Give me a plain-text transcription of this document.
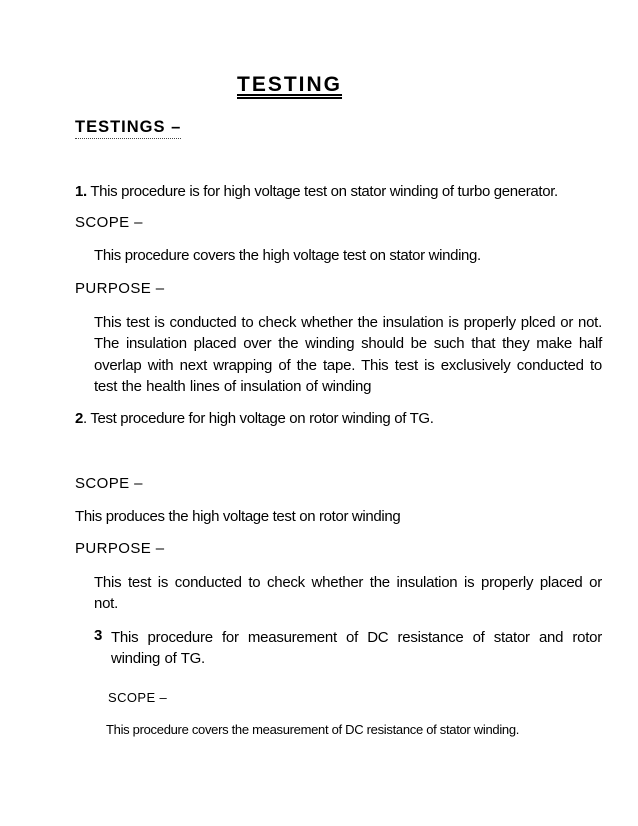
TESTING
TESTINGS –
1. This procedure is for high voltage test on stator winding of turbo generator.
SCOPE –
This procedure covers the high voltage test on stator winding.
PURPOSE –
This test is conducted to check whether the insulation is properly plced or not. The insulation placed over the winding should be such that they make half overlap with next wrapping of the tape. This test is exclusively conducted to test the health lines of insulation of winding
2. Test procedure for high voltage on rotor winding of TG.
SCOPE –
This produces the high voltage test on rotor winding
PURPOSE –
This test is conducted to check whether the insulation is properly placed or not.
3 This procedure for measurement of DC resistance of stator and rotor winding of TG.
SCOPE –
This procedure covers the measurement of DC resistance of stator winding.
